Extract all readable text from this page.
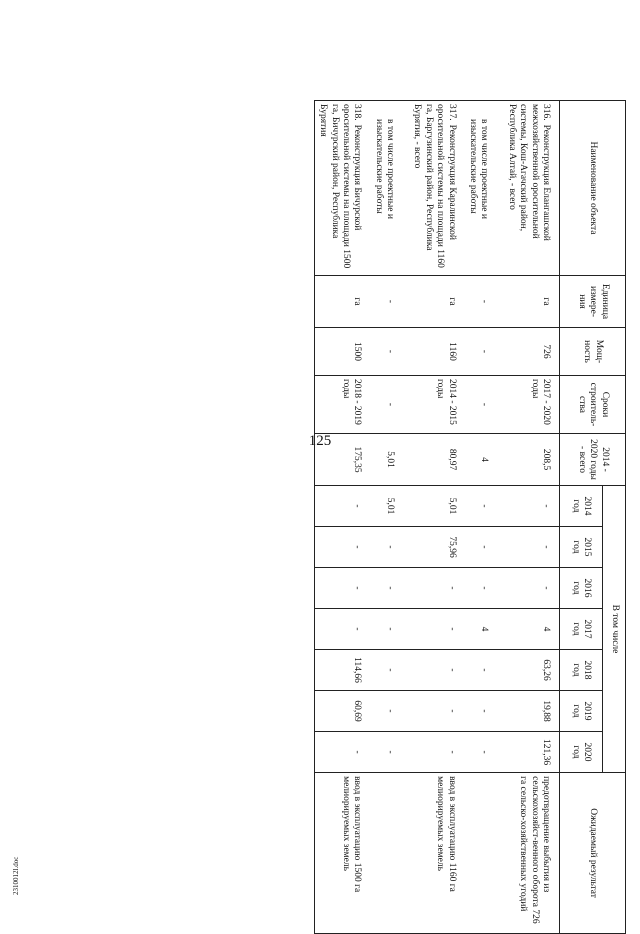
125
2310012l.doc
Наименование объекта	Единица измере-ния	Мощ-ность	Сроки строитель-ства	2014 - 2020 годы - всего	В том числе							Ожидаемый результат
					2014 год	2015 год	2016 год	2017 год	2018 год	2019 год	2020 год	
316.Реконструкция Елангашской межхозяйственной оросительной системы, Кош-Агачский район, Республика Алтай, - всего	га	726	2017 - 2020 годы	208,5	-	-	-	4	63,26	19,88	121,36	предотвращение выбытия из сельскохозяйст-венного оборота 726 га сельско-хозяйственных угодий
в том числе проектные и изыскательские работы	-	-	-	4	-	-	-	4	-	-	-	
317.Реконструкция Каралинской оросительной системы на площади 1160 га, Баргузинский район, Республика Бурятия, - всего	га	1160	2014 - 2015 годы	80,97	5,01	75,96	-	-	-	-	-	ввод в эксплуатацию 1160 га мелиорируемых земель
в том числе проектные и изыскательские работы	-	-	-	5,01	5,01	-	-	-	-	-	-	
318.Реконструкция Бичурской оросительной системы на площади 1500 га, Бичурский район, Республика Бурятия	га	1500	2018 - 2019 годы	175,35	-	-	-	-	114,66	60,69	-	ввод в эксплуатацию 1500 га мелиорируемых земель
